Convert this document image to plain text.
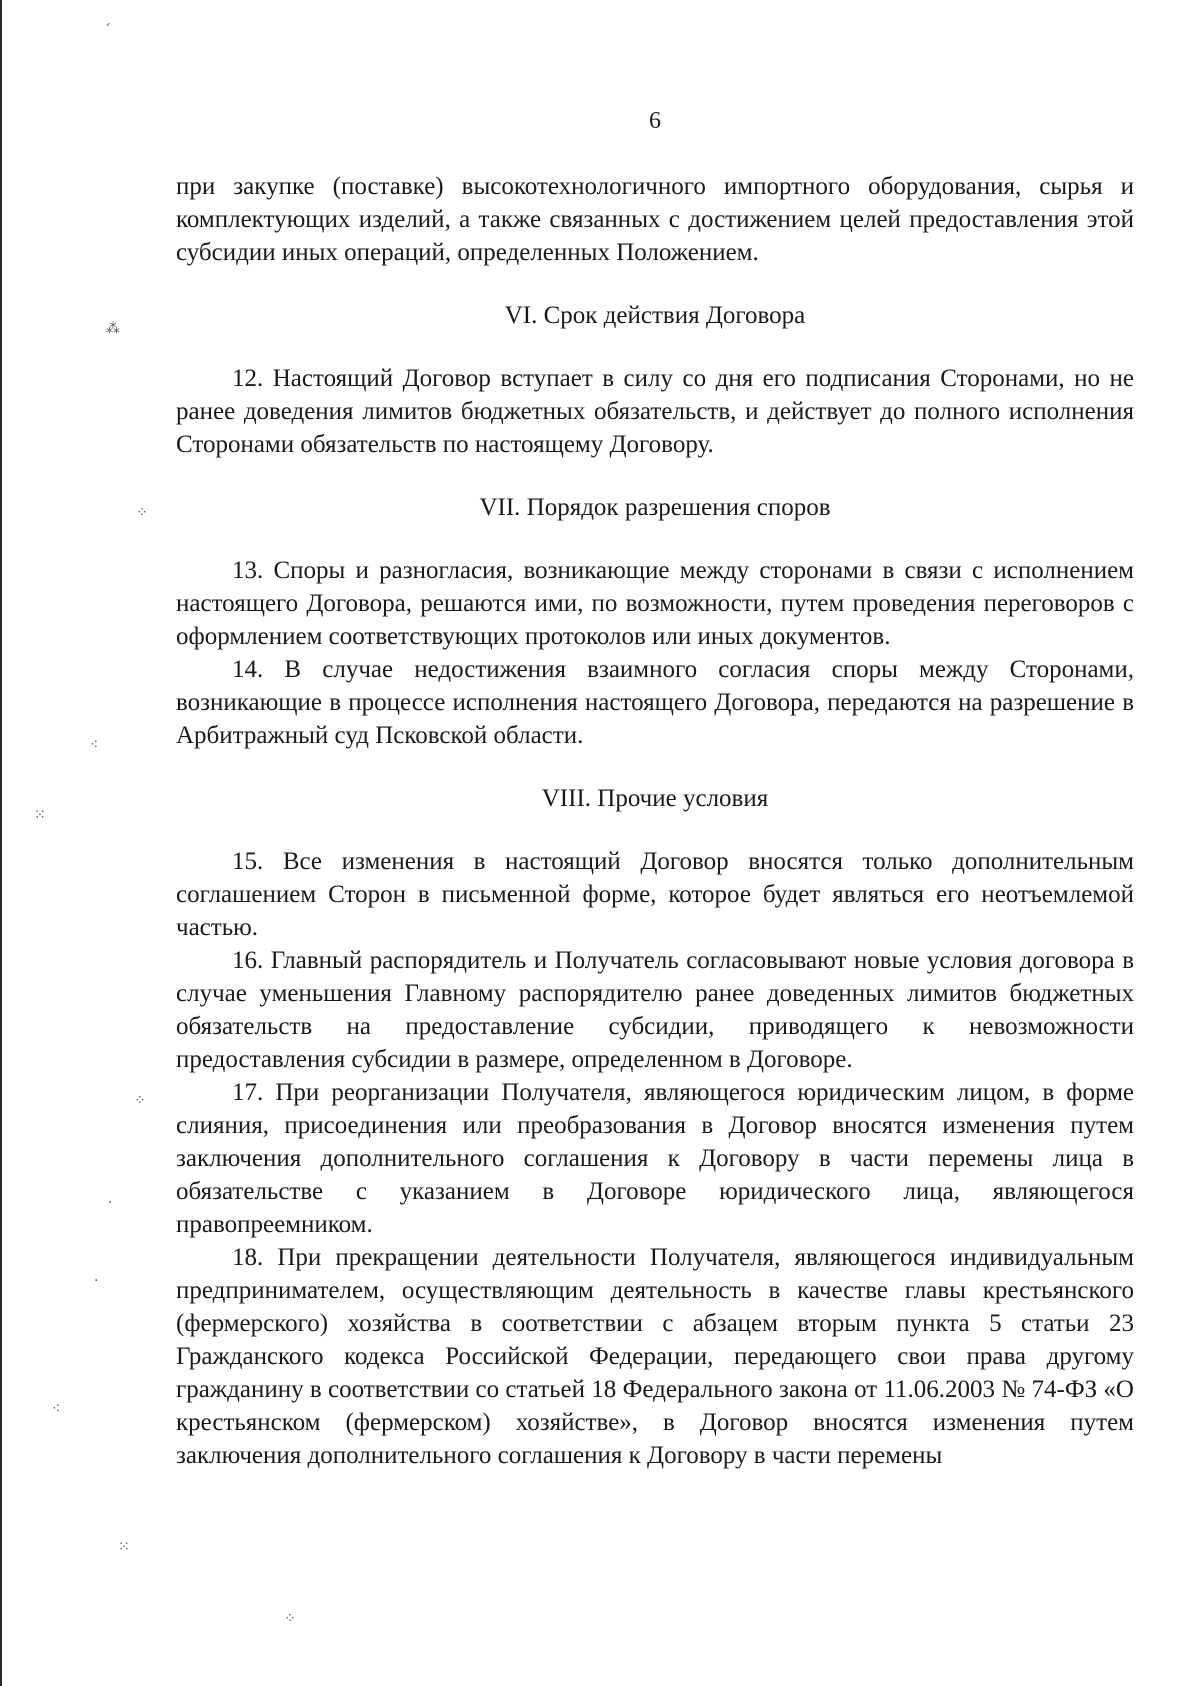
ˊ
⁂
⁘
⁖
⁙
⁘
·
·
⁖
⁙
⁘
6

при закупке (поставке) высокотехнологичного импортного оборудования, сырья и комплектующих изделий, а также связанных с достижением целей предоставления этой субсидии иных операций, определенных Положением.

VI. Срок действия Договора

12. Настоящий Договор вступает в силу со дня его подписания Сторонами, но не ранее доведения лимитов бюджетных обязательств, и действует до полного исполнения Сторонами обязательств по настоящему Договору.

VII. Порядок разрешения споров

13. Споры и разногласия, возникающие между сторонами в связи с исполнением настоящего Договора, решаются ими, по возможности, путем проведения переговоров с оформлением соответствующих протоколов или иных документов.

14. В случае недостижения взаимного согласия споры между Сторонами, возникающие в процессе исполнения настоящего Договора, передаются на разрешение в Арбитражный суд Псковской области.

VIII. Прочие условия

15. Все изменения в настоящий Договор вносятся только дополнительным соглашением Сторон в письменной форме, которое будет являться его неотъемлемой частью.

16. Главный распорядитель и Получатель согласовывают новые условия договора в случае уменьшения Главному распорядителю ранее доведенных лимитов бюджетных обязательств на предоставление субсидии, приводящего к невозможности предоставления субсидии в размере, определенном в Договоре.

17. При реорганизации Получателя, являющегося юридическим лицом, в форме слияния, присоединения или преобразования в Договор вносятся изменения путем заключения дополнительного соглашения к Договору в части перемены лица в обязательстве с указанием в Договоре юридического лица, являющегося правопреемником.

18. При прекращении деятельности Получателя, являющегося индивидуальным предпринимателем, осуществляющим деятельность в качестве главы крестьянского (фермерского) хозяйства в соответствии с абзацем вторым пункта 5 статьи 23 Гражданского кодекса Российской Федерации, передающего свои права другому гражданину в соответствии со статьей 18 Федерального закона от 11.06.2003 № 74-ФЗ «О крестьянском (фермерском) хозяйстве», в Договор вносятся изменения путем заключения дополнительного соглашения к Договору в части перемены
